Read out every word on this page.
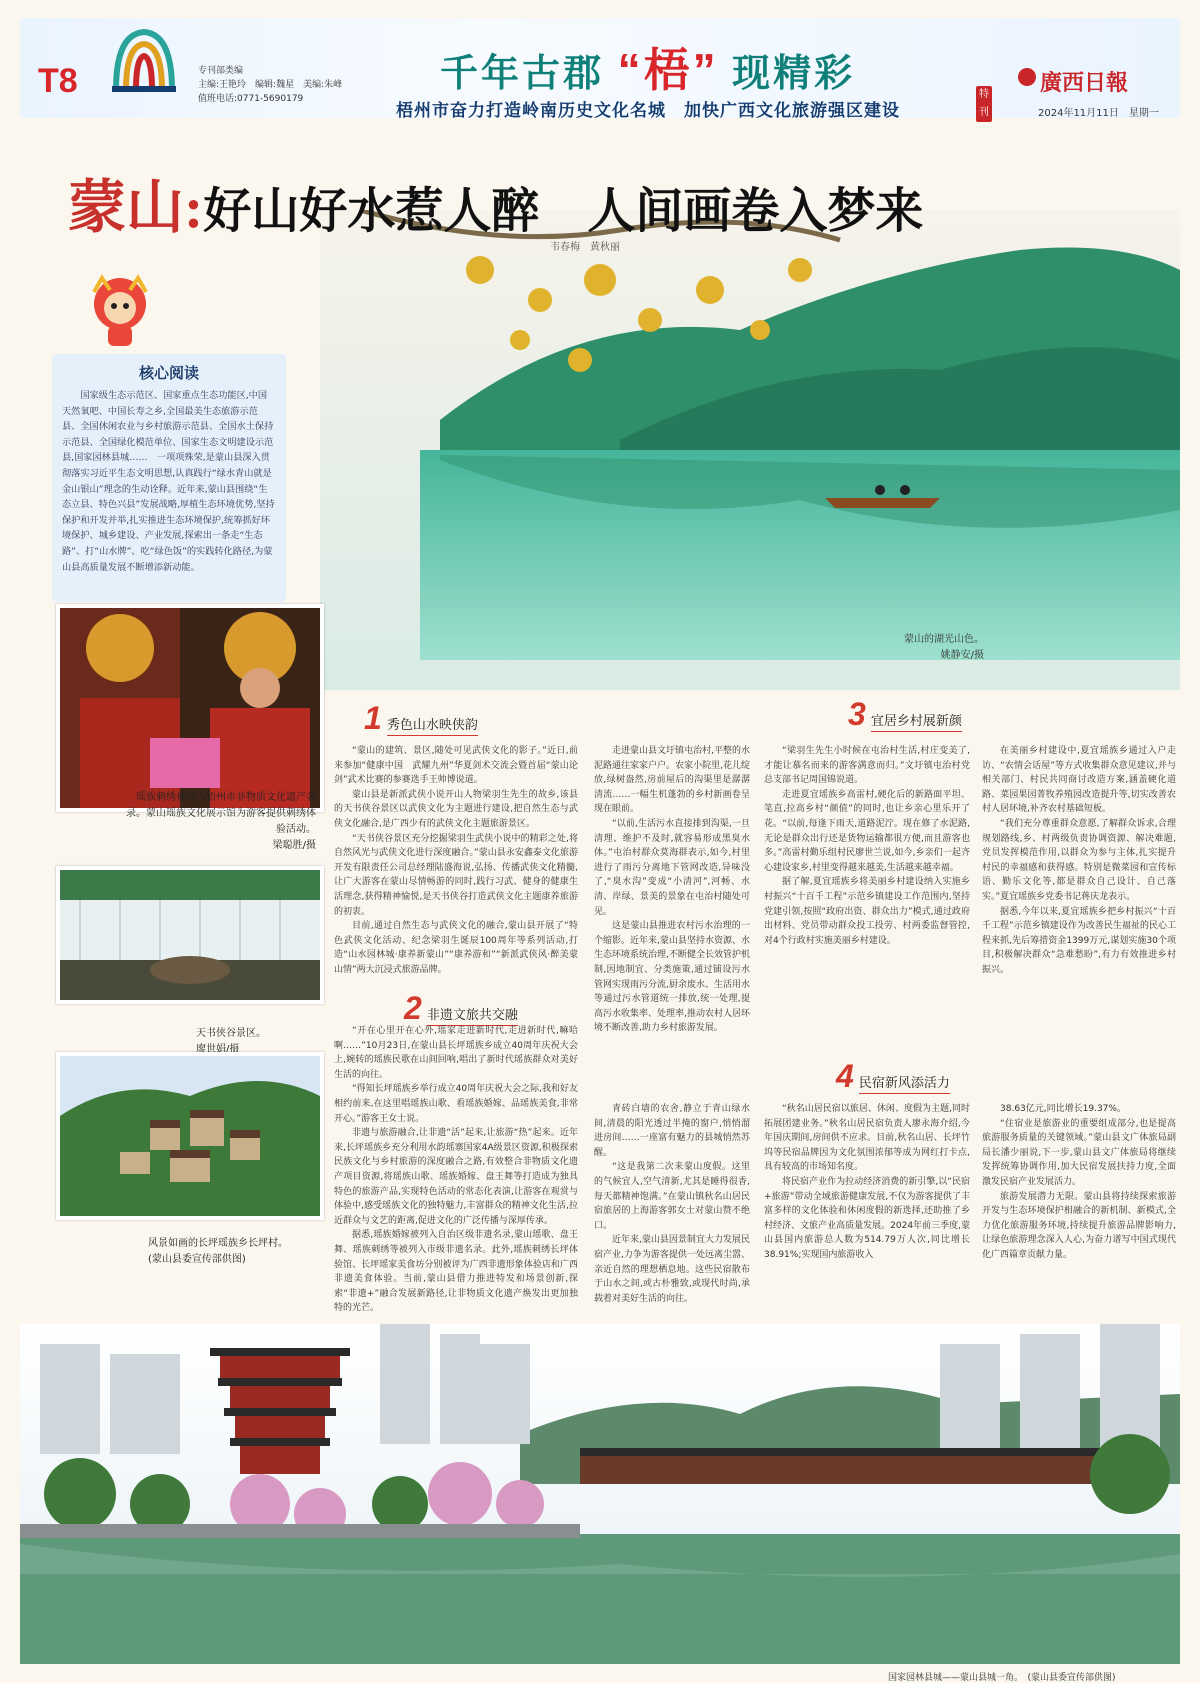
T8	专刊部类编
主编:王艳玲　编辑:魏星　美编:朱峰
值班电话:0771-5690179
千年古郡 “梧” 现精彩
梧州市奋力打造岭南历史文化名城　加快广西文化旅游强区建设
特刊
廣西日報
2024年11月11日　星期一
蒙山的湖光山色。
姚静安/摄
蒙山:好山好水惹人醉　人间画卷入梦来
韦春梅　黄秋丽
核心阅读
国家级生态示范区、国家重点生态功能区,中国天然氧吧、中国长寿之乡,全国最美生态旅游示范县、全国休闲农业与乡村旅游示范县、全国水土保持示范县、全国绿化模范单位、国家生态文明建设示范县,国家园林县城……　一项项殊荣,是蒙山县深入贯彻落实习近平生态文明思想,认真践行“绿水青山就是金山银山”理念的生动诠释。近年来,蒙山县围绕“生态立县、特色兴县”发展战略,厚植生态环境优势,坚持保护和开发并举,扎实推进生态环境保护,统筹抓好环境保护、城乡建设、产业发展,探索出一条走“生态路”、打“山水牌”、吃“绿色饭”的实践转化路径,为蒙山县高质量发展不断增添新动能。
瑶族刺绣被列入梧州市非物质文化遗产名录。蒙山瑶族文化展示馆为游客提供刺绣体验活动。
梁聪胜/摄
天书侠谷景区。
廖世娟/摄
风景如画的长坪瑶族乡长坪村。
(蒙山县委宣传部供图)
1 秀色山水映侠韵

“蒙山的建筑、景区,随处可见武侠文化的影子。”近日,前来参加“健康中国　武耀九州”华夏剑术交流会暨首届“蒙山论剑”武术比赛的参赛选手王帅博说道。

蒙山县是新派武侠小说开山人物梁羽生先生的故乡,该县的天书侠谷景区以武侠文化为主题进行建设,把自然生态与武侠文化融合,是广西少有的武侠文化主题旅游景区。

“天书侠谷景区充分挖掘梁羽生武侠小说中的精彩之处,将自然风光与武侠文化进行深度融合。”蒙山县永安鑫泰文化旅游开发有限责任公司总经理陆盛海说,弘扬、传播武侠文化精髓,让广大游客在蒙山尽情畅游的同时,践行习武、健身的健康生活理念,获得精神愉悦,是天书侠谷打造武侠文化主题康养旅游的初衷。

目前,通过自然生态与武侠文化的融合,蒙山县开展了“特色武侠文化活动、纪念梁羽生诞辰100周年等系列活动,打造“山水园林城·康养新蒙山”“康养游和”“新派武侠风·醉美蒙山情”两大沉浸式旅游品牌。

2 非遗文旅共交融

“开在心里开在心外,瑶家走进新时代,走进新时代,嘛哈啊……”10月23日,在蒙山县长坪瑶族乡成立40周年庆祝大会上,婉转的瑶族民歌在山间回响,唱出了新时代瑶族群众对美好生活的向往。

“得知长坪瑶族乡举行成立40周年庆祝大会之际,我和好友相约前来,在这里唱瑶族山歌、看瑶族婚嫁、品瑶族美食,非常开心。”游客王女士说。

非遗与旅游融合,让非遗“活”起来,让旅游“热”起来。近年来,长坪瑶族乡充分利用水韵瑶寨国家4A级景区资源,积极探索民族文化与乡村旅游的深度融合之路,有效整合非物质文化遗产项目资源,将瑶族山歌、瑶族婚嫁、盘王舞等打造成为独具特色的旅游产品,实现特色活动的常态化表演,让游客在观赏与体验中,感受瑶族文化的独特魅力,丰富群众的精神文化生活,拉近群众与文艺的距离,促进文化的广泛传播与深厚传承。

据悉,瑶族婚嫁被列入自治区级非遗名录,蒙山瑶歌、盘王舞、瑶族刺绣等被列入市级非遗名录。此外,瑶族刺绣长坪体验馆、长坪瑶家美食坊分别被评为广西非遗形象体验店和广西非遗美食体验。当前,蒙山县借力推进特发和场景创新,探索“非遗+”融合发展新路径,让非物质文化遗产焕发出更加独特的光芒。

走进蒙山县文圩镇屯治村,平整的水泥路通往家家户户。农家小院里,花儿绽放,绿树盎然,房前屋后的沟渠里是潺潺清流……一幅生机蓬勃的乡村新画卷呈现在眼前。

“以前,生活污水直接排到沟渠,一旦清理、维护不及时,就容易形成黑臭水体。”屯治村群众莫海群表示,如今,村里进行了雨污分离地下管网改造,异味没了,“臭水沟”变成“小清河”,河畅、水清、岸绿、景美的景象在屯治村随处可见。

这是蒙山县推进农村污水治理的一个缩影。近年来,蒙山县坚持水资源、水生态环境系统治理,不断健全长效管护机制,因地制宜、分类施策,通过铺设污水管网实现雨污分流,厨余废水、生活用水等通过污水管道统一排放,统一处理,提高污水收集率、处理率,推动农村人居环境不断改善,助力乡村旅游发展。

青砖白墙的农舍,静立于青山绿水间,清晨的阳光透过半掩的窗户,悄悄溜进房间……一座富有魅力的县城悄然苏醒。

“这是我第二次来蒙山度假。这里的气候宜人,空气清新,尤其是睡得很香,每天都精神饱满。”在蒙山镇秋名山居民宿旅居的上海游客郭女士对蒙山赞不绝口。

近年来,蒙山县因景制宜大力发展民宿产业,力争为游客提供一处远离尘嚣、亲近自然的理想栖息地。这些民宿散布于山水之间,或古朴雅致,或现代时尚,承载着对美好生活的向往。

3 宜居乡村展新颜

“梁羽生先生小时候在屯治村生活,村庄变美了,才能让慕名而来的游客满意而归。”文圩镇屯治村党总支部书记周国锦说道。

走进夏宜瑶族乡高雷村,硬化后的新路面平坦、笔直,拉高乡村“颜值”的同时,也让乡亲心里乐开了花。“以前,每逢下雨天,道路泥泞。现在修了水泥路,无论是群众出行还是货物运输都很方便,而且游客也多。”高雷村勤乐组村民廖世兰说,如今,乡亲们一起齐心建设家乡,村里变得越来越美,生活越来越幸福。

据了解,夏宜瑶族乡将美丽乡村建设纳入实施乡村振兴“十百千工程”示范乡镇建设工作范围内,坚持党建引领,按照“政府出资、群众出力”模式,通过政府出材料、党员带动群众投工投劳、村两委监督管控,对4个行政村实施美丽乡村建设。

在美丽乡村建设中,夏宜瑶族乡通过入户走访、“农情会话屋”等方式收集群众意见建议,并与相关部门、村民共同商讨改造方案,涵盖硬化道路、菜园果园菁牧养殖园改造提升等,切实改善农村人居环境,补齐农村基础短板。

“我们充分尊重群众意愿,了解群众诉求,合理规划路线,乡、村两级负责协调资源、解决难题,党员发挥模范作用,以群众为参与主体,扎实提升村民的幸福感和获得感。特别是微菜园和宣传标语、勤乐文化等,都是群众自己设计、自己落实。”夏宜瑶族乡党委书记蒋庆龙表示。

据悉,今年以来,夏宜瑶族乡把乡村振兴“十百千工程”示范乡镇建设作为改善民生福祉的民心工程来抓,先后筹措资金1399万元,谋划实施30个项目,积极解决群众“急难愁盼”,有力有效推进乡村振兴。

4 民宿新风添活力

“秋名山居民宿以旅居、休闲、度假为主题,同时拓展团建业务。”秋名山居民宿负责人廖永海介绍,今年国庆期间,房间供不应求。目前,秋名山居、长坪竹坞等民宿品牌因为文化氛围浓郁等成为网红打卡点,具有较高的市场知名度。

将民宿产业作为拉动经济消费的新引擎,以“民宿+旅游”带动全域旅游健康发展,不仅为游客提供了丰富多样的文化体验和休闲度假的新选择,还助推了乡村经济、文旅产业高质量发展。2024年前三季度,蒙山县国内旅游总人数为514.79万人次,同比增长38.91%;实现国内旅游收入

38.63亿元,同比增长19.37%。

“住宿业是旅游业的重要组成部分,也是提高旅游服务质量的关键领域。”蒙山县文广体旅局副局长潘少丽说,下一步,蒙山县文广体旅局将继续发挥统筹协调作用,加大民宿发展扶持力度,全面激发民宿产业发展活力。

旅游发展潜力无限。蒙山县将持续探索旅游开发与生态环境保护相融合的新机制、新模式,全力优化旅游服务环境,持续提升旅游品牌影响力,让绿色旅游理念深入人心,为奋力谱写中国式现代化广西篇章贡献力量。

国家园林县城——蒙山县城一角。　(蒙山县委宣传部供图)
